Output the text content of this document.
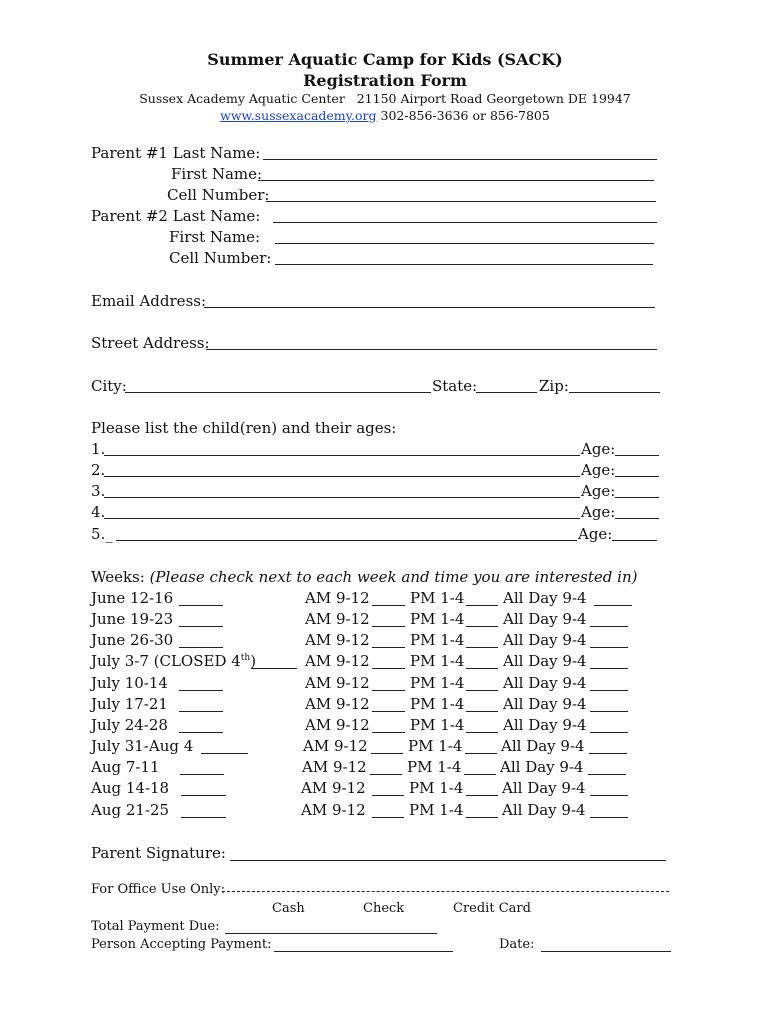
Summer Aquatic Camp for Kids (SACK)
Registration Form
Sussex Academy Aquatic Center   21150 Airport Road Georgetown DE 19947
www.sussexacademy.org 302-856-3636 or 856-7805
Parent #1 Last Name:
First Name:
Cell Number:
Parent #2 Last Name:
First Name:
Cell Number:
Email Address:
Street Address:
City:	State:	Zip:
Please list the child(ren) and their ages:
1.	Age:
2.	Age:
3.	Age:
4.	Age:
5._	Age:
Weeks: (Please check next to each week and time you are interested in)
June 12-16	AM 9-12	PM 1-4	All Day 9-4
June 19-23	AM 9-12	PM 1-4	All Day 9-4
June 26-30	AM 9-12	PM 1-4	All Day 9-4
July 3-7 (CLOSED 4th)	AM 9-12	PM 1-4	All Day 9-4
July 10-14	AM 9-12	PM 1-4	All Day 9-4
July 17-21	AM 9-12	PM 1-4	All Day 9-4
July 24-28	AM 9-12	PM 1-4	All Day 9-4
July 31-Aug 4	AM 9-12	PM 1-4	All Day 9-4
Aug 7-11	AM 9-12	PM 1-4	All Day 9-4
Aug 14-18	AM 9-12	PM 1-4	All Day 9-4
Aug 21-25	AM 9-12	PM 1-4	All Day 9-4
Parent Signature:
For Office Use Only:
Cash	Check	Credit Card
Total Payment Due:
Person Accepting Payment:	Date:
